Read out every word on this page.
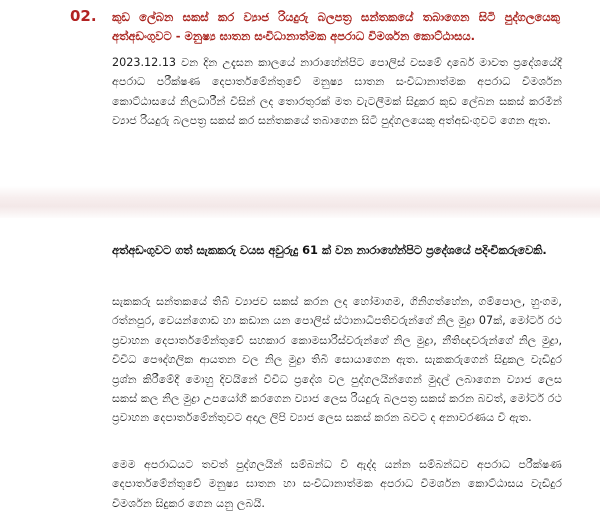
02. කුඩ ලේබන සකස් කර ව්‍යාජ රියදුරු බලපත්‍ර සන්තකයේ තබාගෙන සිටි පුද්ගලයෙකු අත්අඩංගුවට - මනුෂ්‍ය ඝාතන සංවිධානාත්මක අපරාධ විමර්ශන කොට්ඨාසය.
2023.12.13 වන දින උදැසන කාලයේ නාරාහේන්පිට පොලිස් වසමේ දාබෙර් මාවත ප්‍රදේශයේදී අපරාධ පරීක්ෂණ දෙපාර්තමේන්තුවේ මනුෂ්‍ය ඝාතන සංවිධානාත්මක අපරාධ විමර්ශන කොට්ඨාසයේ නිලධාරීන් විසින් ලද තොරතුරක් මත වැටලීමක් සිදුකර කුඩ ලේබන සකස් කරමින් ව්‍යාජ රියදුරු බලපත්‍ර සකස් කර සන්තකයේ තබාගෙන සිටි පුද්ගලයෙකු අත්අඩංගුවට ගෙන ඇත.
අත්අඩංගුවට ගත් සැකකරු වයස අවුරුදු 61 ක් වන නාරාහේන්පිට ප්‍රදේශයේ පදිංචිකරුවෙකි.
සැකකරු සන්තකයේ තිබී ව්‍යාජව සකස් කරන ලද හෝමාගම, ගිනිගත්හේන, ගම්පොල, හුංගම, රත්නපුර, වෙයන්ගොඩ හා කඩාන යන පොලිස් ස්ථානාධිපතිවරුන්ගේ නිල මුද්‍රා 07ක්, මෝටර් රථ ප්‍රවාහන දෙපාර්තමේන්තුවේ සහකාර කොමසාරිස්වරුන්ගේ නිල මුද්‍රා, නීතිඥවරුන්ගේ නිල මුද්‍රා, විවිධ පෞද්ගලික ආයතන වල නිල මුද්‍රා තිබී සොයාගෙන ඇත. සැකකරුගෙන් සිදුකල වැඩිදුර ප්‍රශ්න කිරීමේදී මොහු දිවයිනේ විවිධ ප්‍රදේශ වල පුද්ගලයින්ගෙන් මුදල් ලබාගෙන ව්‍යාජ ලෙස සකස් කල නිල මුද්‍රා උපයෝගී කරගෙන ව්‍යාජ ලෙස රියදුරු බලපත්‍ර සකස් කරන බවත්, මෝටර් රථ ප්‍රවාහන දෙපාර්තමේන්තුවට අදාල ලිපි ව්‍යාජ ලෙස සකස් කරන බවට ද අනාවරණය වී ඇත.
මෙම අපරාධයට තවත් පුද්ගලයින් සම්බන්ධ වී ඇද්ද යන්න සම්බන්ධව අපරාධ පරීක්ෂණ දෙපාර්තමේන්තුවේ මනුෂ්‍ය ඝාතන හා සංවිධානාත්මක අපරාධ විමර්ශන කොට්ඨාසය වැඩිදුර විමර්ශන සිදුකර ගෙන යනු ලබයි.
